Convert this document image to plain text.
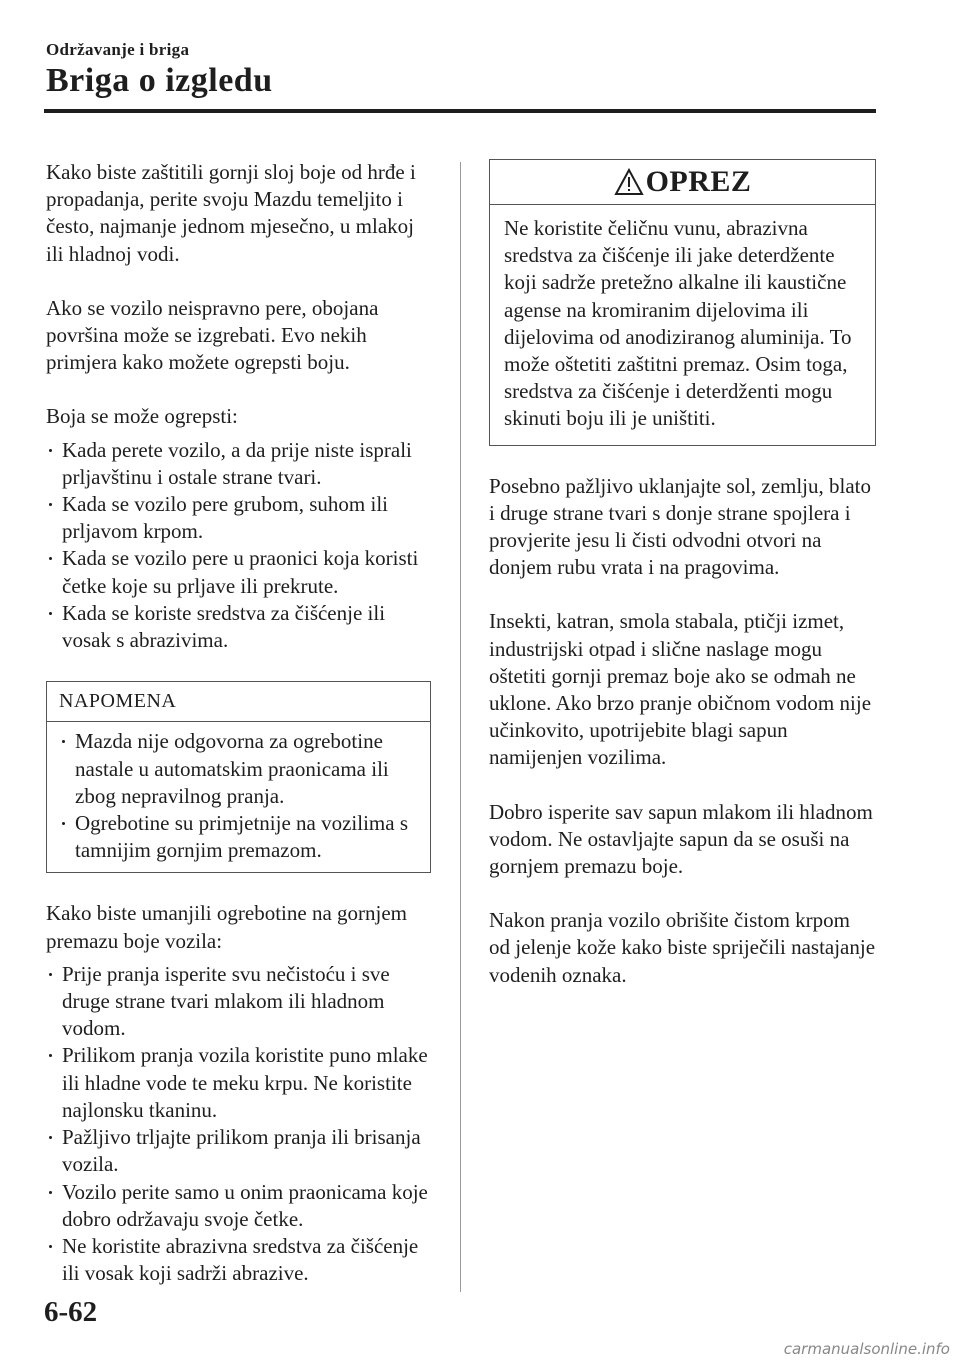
Održavanje i briga
Briga o izgledu

Kako biste zaštitili gornji sloj boje od hrđe i propadanja, perite svoju Mazdu temeljito i često, najmanje jednom mjesečno, u mlakoj ili hladnoj vodi.

Ako se vozilo neispravno pere, obojana površina može se izgrebati. Evo nekih primjera kako možete ogrepsti boju.

Boja se može ogrepsti:

Kada perete vozilo, a da prije niste isprali prljavštinu i ostale strane tvari.
Kada se vozilo pere grubom, suhom ili prljavom krpom.
Kada se vozilo pere u praonici koja koristi četke koje su prljave ili prekrute.
Kada se koriste sredstva za čišćenje ili vosak s abrazivima.
NAPOMENA
Mazda nije odgovorna za ogrebotine nastale u automatskim praonicama ili zbog nepravilnog pranja.
Ogrebotine su primjetnije na vozilima s tamnijim gornjim premazom.

Kako biste umanjili ogrebotine na gornjem premazu boje vozila:

Prije pranja isperite svu nečistoću i sve druge strane tvari mlakom ili hladnom vodom.
Prilikom pranja vozila koristite puno mlake ili hladne vode te meku krpu. Ne koristite najlonsku tkaninu.
Pažljivo trljajte prilikom pranja ili brisanja vozila.
Vozilo perite samo u onim praonicama koje dobro održavaju svoje četke.
Ne koristite abrazivna sredstva za čišćenje ili vosak koji sadrži abrazive.
OPREZ
Ne koristite čeličnu vunu, abrazivna sredstva za čišćenje ili jake deterdžente koji sadrže pretežno alkalne ili kaustične agense na kromiranim dijelovima ili dijelovima od anodiziranog aluminija. To može oštetiti zaštitni premaz. Osim toga, sredstva za čišćenje i deterdženti mogu skinuti boju ili je uništiti.

Posebno pažljivo uklanjajte sol, zemlju, blato i druge strane tvari s donje strane spojlera i provjerite jesu li čisti odvodni otvori na donjem rubu vrata i na pragovima.

Insekti, katran, smola stabala, ptičji izmet, industrijski otpad i slične naslage mogu oštetiti gornji premaz boje ako se odmah ne uklone. Ako brzo pranje običnom vodom nije učinkovito, upotrijebite blagi sapun namijenjen vozilima.

Dobro isperite sav sapun mlakom ili hladnom vodom. Ne ostavljajte sapun da se osuši na gornjem premazu boje.

Nakon pranja vozilo obrišite čistom krpom od jelenje kože kako biste spriječili nastajanje vodenih oznaka.

6-62
carmanualsonline.info
